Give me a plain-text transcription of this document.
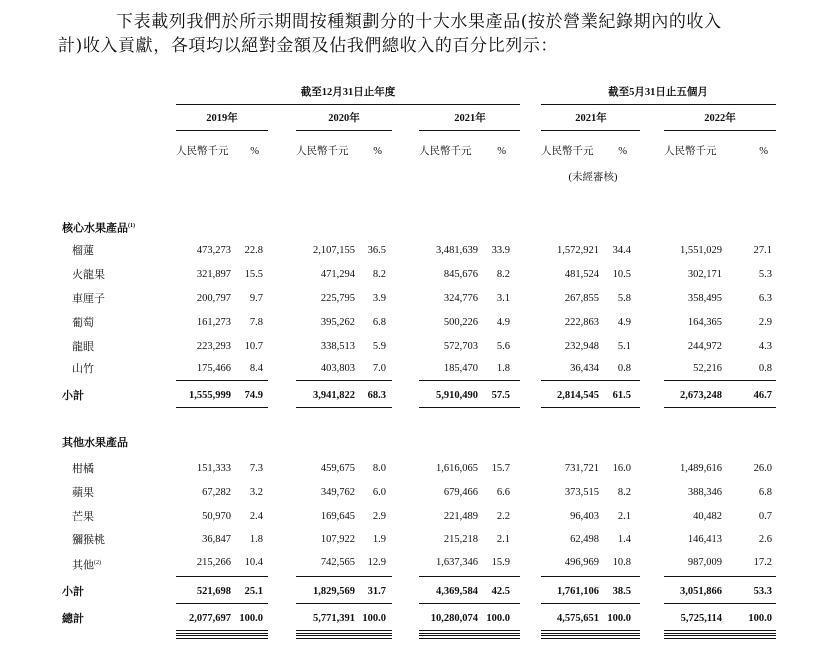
下表載列我們於所示期間按種類劃分的十大水果產品(按於營業紀錄期內的收入

計)收入貢獻，各項均以絕對金額及佔我們總收入的百分比列示：

截至12月31日止年度	截至5月31日止五個月
2019年	2020年	2021年	2021年	2022年
人民幣千元 %	人民幣千元 %	人民幣千元 %	人民幣千元 %	人民幣千元	%
(未經審核)
核心水果產品$^{(1)}$
榴蓮	473,273 22.8	2,107,155 36.5	3,481,639 33.9	1,572,921 34.4	1,551,029	27.1
火龍果	321,897 15.5	471,294 8.2	845,676 8.2	481,524 10.5	302,171	5.3
車厘子	200,797 9.7	225,795 3.9	324,776 3.1	267,855 5.8	358,495	6.3
葡萄	161,273 7.8	395,262 6.8	500,226 4.9	222,863 4.9	164,365	2.9
龍眼	223,293 10.7	338,513 5.9	572,703 5.6	232,948 5.1	244,972	4.3
山竹	175,466 8.4	403,803 7.0	185,470 1.8	36,434 0.8	52,216	0.8
小計	1,555,999 74.9	3,941,822 68.3	5,910,490 57.5	2,814,545 61.5	2,673,248	46.7
其他水果產品
柑橘	151,333 7.3	459,675 8.0	1,616,065 15.7	731,721 16.0	1,489,616	26.0
蘋果	67,282 3.2	349,762 6.0	679,466 6.6	373,515 8.2	388,346	6.8
芒果	50,970 2.4	169,645 2.9	221,489 2.2	96,403 2.1	40,482	0.7
獼猴桃	36,847 1.8	107,922 1.9	215,218 2.1	62,498 1.4	146,413	2.6
其他$^{(2)}$	215,266 10.4	742,565 12.9	1,637,346 15.9	496,969 10.8	987,009	17.2
小計	521,698 25.1	1,829,569 31.7	4,369,584 42.5	1,761,106 38.5	3,051,866	53.3
總計	2,077,697 100.0	5,771,391 100.0	10,280,074 100.0	4,575,651 100.0	5,725,114	100.0
